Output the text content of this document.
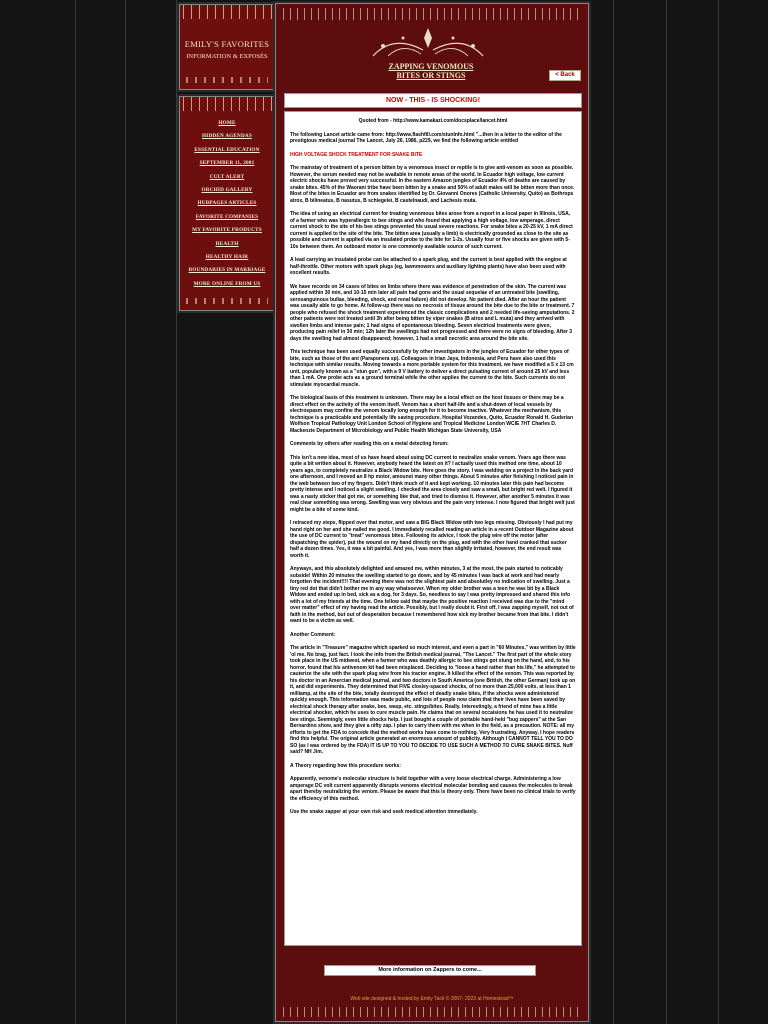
EMILY'S FAVORITES
INFORMATION & EXPOSÉS
HOME
HIDDEN AGENDAS
ESSENTIAL EDUCATION
SEPTEMBER 11, 2001
CULT ALERT
ORCHID GALLERY
HUBPAGES ARTICLES
FAVORITE COMPANIES
MY FAVORITE PRODUCTS
HEALTH
HEALTHY HAIR
BOUNDARIES IN MARRIAGE
MORE ONLINE FROM US
ZAPPING VENOMOUS
BITES OR STINGS	< Back
NOW - THIS - IS SHOCKING!

Quoted from - http://www.kamakazi.com/docsplace/lancet.html

The following Lancet article came from: http://www.flashfill.com/stunInfo.html "...then in a letter to the editor of the prestigious medical journal The Lancet, July 26, 1986, p229, we find the following article entitled

HIGH VOLTAGE SHOCK TREATMENT FOR SNAKE BITE

The mainstay of treatment of a person bitten by a venomous insect or reptile is to give anti-venom as soon as possible. However, the serum needed may not be available in remote areas of the world. In Ecuador high voltage, low current electric shocks have proved very successful. In the eastern Amazon jungles of Ecuador 4% of deaths are caused by snake bites. 45% of the Waorani tribe have been bitten by a snake and 50% of adult males will be bitten more than once. Most of the bites in Ecuador are from snakes identified by Dr. Giovanni Onores (Catholic University, Quito) as Bothrops atrox, B bilineatus, B nasutus, B schlegelei, B castelnaudi, and Lachesis muta.

The idea of using an electrical current for treating venomous bites arose from a report in a local paper in Illinois, USA, of a farmer who was hyperallergic to bee stings and who found that applying a high voltage, low amperage, direct current shock to the site of his bee stings prevented his usual severe reactions. For snake bites a 20-25 kV, 1 mA direct current is applied to the site of the bite. The bitten area (usually a limb) is electrically grounded as close to the site as possible and current is applied via an insulated probe to the bite for 1-2s. Usually four or five shocks are given with 5-10s between them. An outboard motor is one commonly available source of such current.

A lead carrying an insulated probe can be attached to a spark plug, and the current is best applied with the engine at half-throttle. Other motors with spark plugs (eg, lawnmowers and auxiliary lighting plants) have also been used with excellent results.

We have records on 34 cases of bites on limbs where there was evidence of penetration of the skin. The current was applied within 30 min, and 10-15 min later all pain had gone and the usual sequelae of an untreated bite (swelling, serosanguinous bullae, bleeding, shock, and renal failure) did not develop. No patient died. After an hour the patient was usually able to go home. At follow-up there was no necrosis of tissue around the bite due to the bite or treatment. 7 people who refused the shock treatment experienced the classic complications and 2 needed life-saving amputations. 2 other patients were not treated until 3h after being bitten by viper snakes (B atrox and L muta) and they arrived with swollen limbs and intense pain; 1 had signs of spontaneous bleeding. Seven electrical treatments were given, producing pain relief in 30 min; 12h later the swellings had not progressed and there were no signs of bleeding. After 3 days the swelling had almost disappeared; however, 1 had a small necrotic area around the bite site.

This technique has been used equally successfully by other investigators in the jungles of Ecuador for other types of bite, such as those of the ant (Paraponera sp). Colleagues in Irian Jaya, Indonesia, and Peru have also used this technique with similar results. Moving towards a more portable system for this treatment, we have modified a 5 x 13 cm unit, popularly known as a "stun gun", with a 9 V battery to deliver a direct pulsating current of around 25 kV and less than 1 mA. One probe acts as a ground terminal while the other applies the current to the bite. Such currents do not stimulate myocardial muscle.

The biological basis of this treatment is unknown. There may be a local effect on the host tissues or there may be a direct effect on the activity of the venom itself. Venom has a short half-life and a shut-down of local vessels by electrospasm may confine the venom locally long enough for it to become inactive. Whatever the mechanism, this technique is a practicable and potentially life saving procedure. Hospital Vozandes, Quito, Ecuador Ronald H. Guderian Wolfson Tropical Pathology Unit London School of Hygiene and Tropical Medicine London WCIE 7HT Charles D. Mackenzie Department of Microbiology and Public Health Michigan State University, USA

Comments by others after reading this on a metal detecting forum:

This isn't a new idea, most of us have heard about using DC current to neutralize snake venom. Years ago there was quite a bit written about it. However, anybody heard the latest on it? I actually used this method one time, about 10 years ago, to completely neutralize a Black Widow bite. Here goes the story. I was welding on a project in the back yard one afternoon, and I moved an 8 hp motor, amounst many other things. About 5 minutes after finishing I noticed pain in the web between two of my fingers. Didn't think much of it and kept working. 10 minutes later this pain had become pretty intense and I noticed a slight swelling. I checked the area closely and saw a small, but bright red welt. I figured it was a nasty sticker that got me, or something like that, and tried to dismiss it. However, after another 5 minutes it was real clear something was wrong. Swelling was very obvious and the pain very intense. I now figured that bright welt just might be a bite of some kind.

I retraced my steps, flipped over that motor, and saw a BIG Black Widow with two legs missing. Obviously I had put my hand right on her and she nailed me good. I immediately recalled reading an article in a recent Outdoor Magazine about the use of DC current to "treat" venomous bites. Following its advice, I took the plug wire off the motor (after dispatching the spider), put the wound on my hand directly on the plug, and with the other hand cranked that sucker half a dozen times. Yes, it was a bit painful. And yes, I was more than slightly irritated, however, the end result was worth it.

Anyways, and this absolutely delighted and amazed me, within minutes, 3 at the most, the pain started to noticably subside! Within 20 minutes the swelling started to go down, and by 45 minutes I was back at work and had nearly forgotten the incident!!!! That evening there was not the slightest pain and absolutley no indication of swelling. Just a tiny red dot that didn't bother me in any way whatsoever. When my older brother was a teen he was bit by a Black Widow and ended up in bed, sick as a dog, for 3 days. So, needless to say I was pretty impressed and shared this info with a lot of my friends at the time. One fellow said that maybe the positive reaction I received was due to the "mind over matter" effect of my having read the article. Possibly, but I really doubt it. First off, I was zapping myself, not out of faith in the method, but out of desperation because I remembered how sick my brother became from that bite. I didn't want to be a victim as well.

Another Comment:

The article in "Treasure" magazine which sparked so much interest, and even a part in "60 Minutes," was written by little 'ol me. No brag, just fact. I took the info from the British medical journal, "The Lancet." The first part of the whole story took place in the US midwest, when a farmer who was deathly allergic to bee stings got stung on the hand, and, to his horror, found that his antivenom kit had been misplaced. Deciding to "loose a hand rather than his life," he attempted to cauterize the site with the spark plug wire from his tractor engine. It killed the effect of the venom. This was reported by his doctor in an Amercian medical journal, and two doctors in South America (one British, the other German) took up on it, and did experiments. They determined that FIVE closley-spaced shocks, of no more than 25,000 volts, at less than 1 milliamp, at the site of the bite, totally destroyed the effect of deadly snake bites, if the shocks were administered quickly enough. This information was made public, and lots of people now claim that their lives have been saved by electrical shock therapy after snake, bee, wasp, etc. stings/bites. Really. Interestingly, a friend of mine has a little electrical shocker, which he uses to cure muscle pain. He claims that on several occaisions he has used it to neutralize bee stings. Seemingly, even little shocks help. I just bought a couple of portable hand-held "bug zappers" at the San Bernardino show, and they give a nifty zap. I plan to carry them with me when in the field, as a precaution. NOTE: all my efforts to get the FDA to concede that the method works have come to nothing. Very frustrating. Anyway, I hope readers find this helpful. The original article generated an enormous amount of publicity. Although I CANNOT TELL YOU TO DO SO (as I was ordered by the FDA) IT IS UP TO YOU TO DECIDE TO USE SUCH A METHOD TO CURE SNAKE BITES. Nuff said? NH Jim.

A Theory regarding how this procedure works:

Apparently, venome's molecular structure is held together with a very loose electrical charge. Administering a low amperage DC volt current apparently disrupts venoms electrical molecular bonding and causes the molecules to break apart thereby neutralizing the venom. Please be aware that this is theory only. There have been no clinical trials to verify the efficiency of this method.

Use the snake zapper at your own risk and seek medical attention immediately.

More information on Zappers to come...
Web site designed & hosted by Emily Tack © 2007- 2022 at Homestead™
